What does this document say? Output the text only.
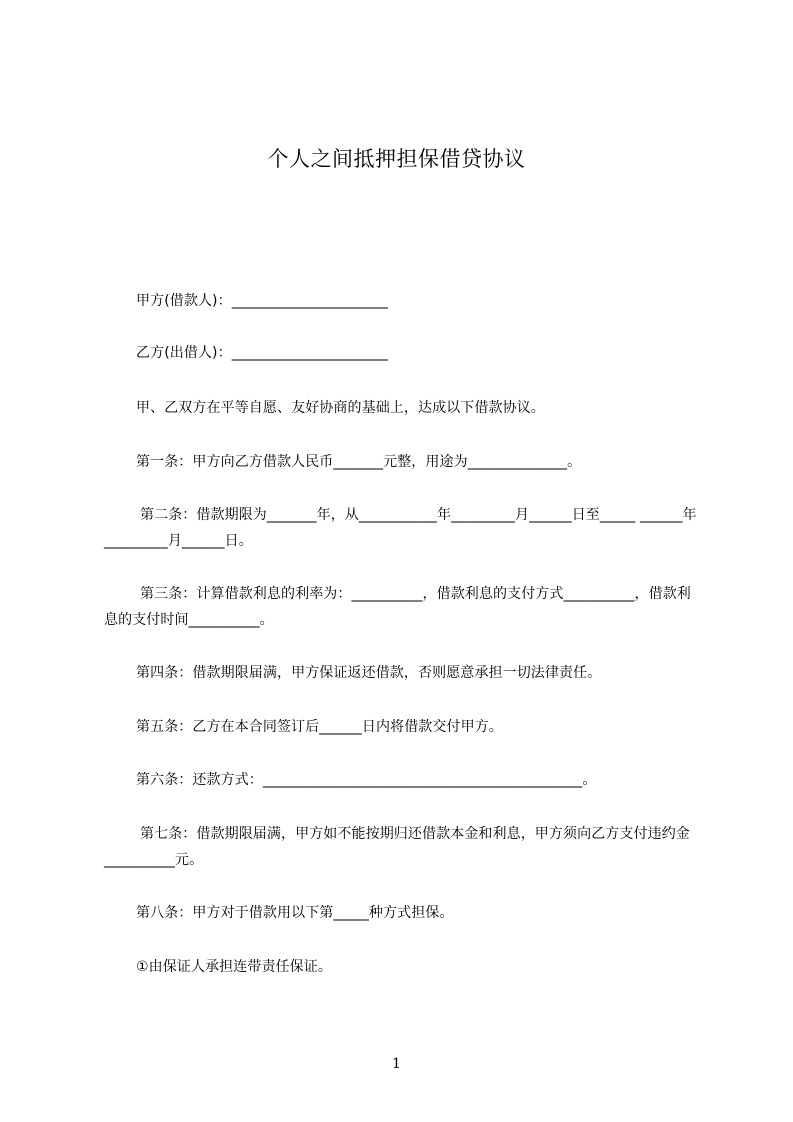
个人之间抵押担保借贷协议
甲方(借款人)：______________________
乙方(出借人)：______________________
甲、乙双方在平等自愿、友好协商的基础上，达成以下借款协议。
第一条：甲方向乙方借款人民币_______元整，用途为______________。
第二条：借款期限为_______年，从___________年_________月______日至_____ ______年_________月______日。
第三条：计算借款利息的利率为：__________，借款利息的支付方式__________，借款利息的支付时间__________。
第四条：借款期限届满，甲方保证返还借款，否则愿意承担一切法律责任。
第五条：乙方在本合同签订后______日内将借款交付甲方。
第六条：还款方式：_____________________________________________。
第七条：借款期限届满，甲方如不能按期归还借款本金和利息，甲方须向乙方支付违约金__________元。
第八条：甲方对于借款用以下第_____种方式担保。
①由保证人承担连带责任保证。
1
